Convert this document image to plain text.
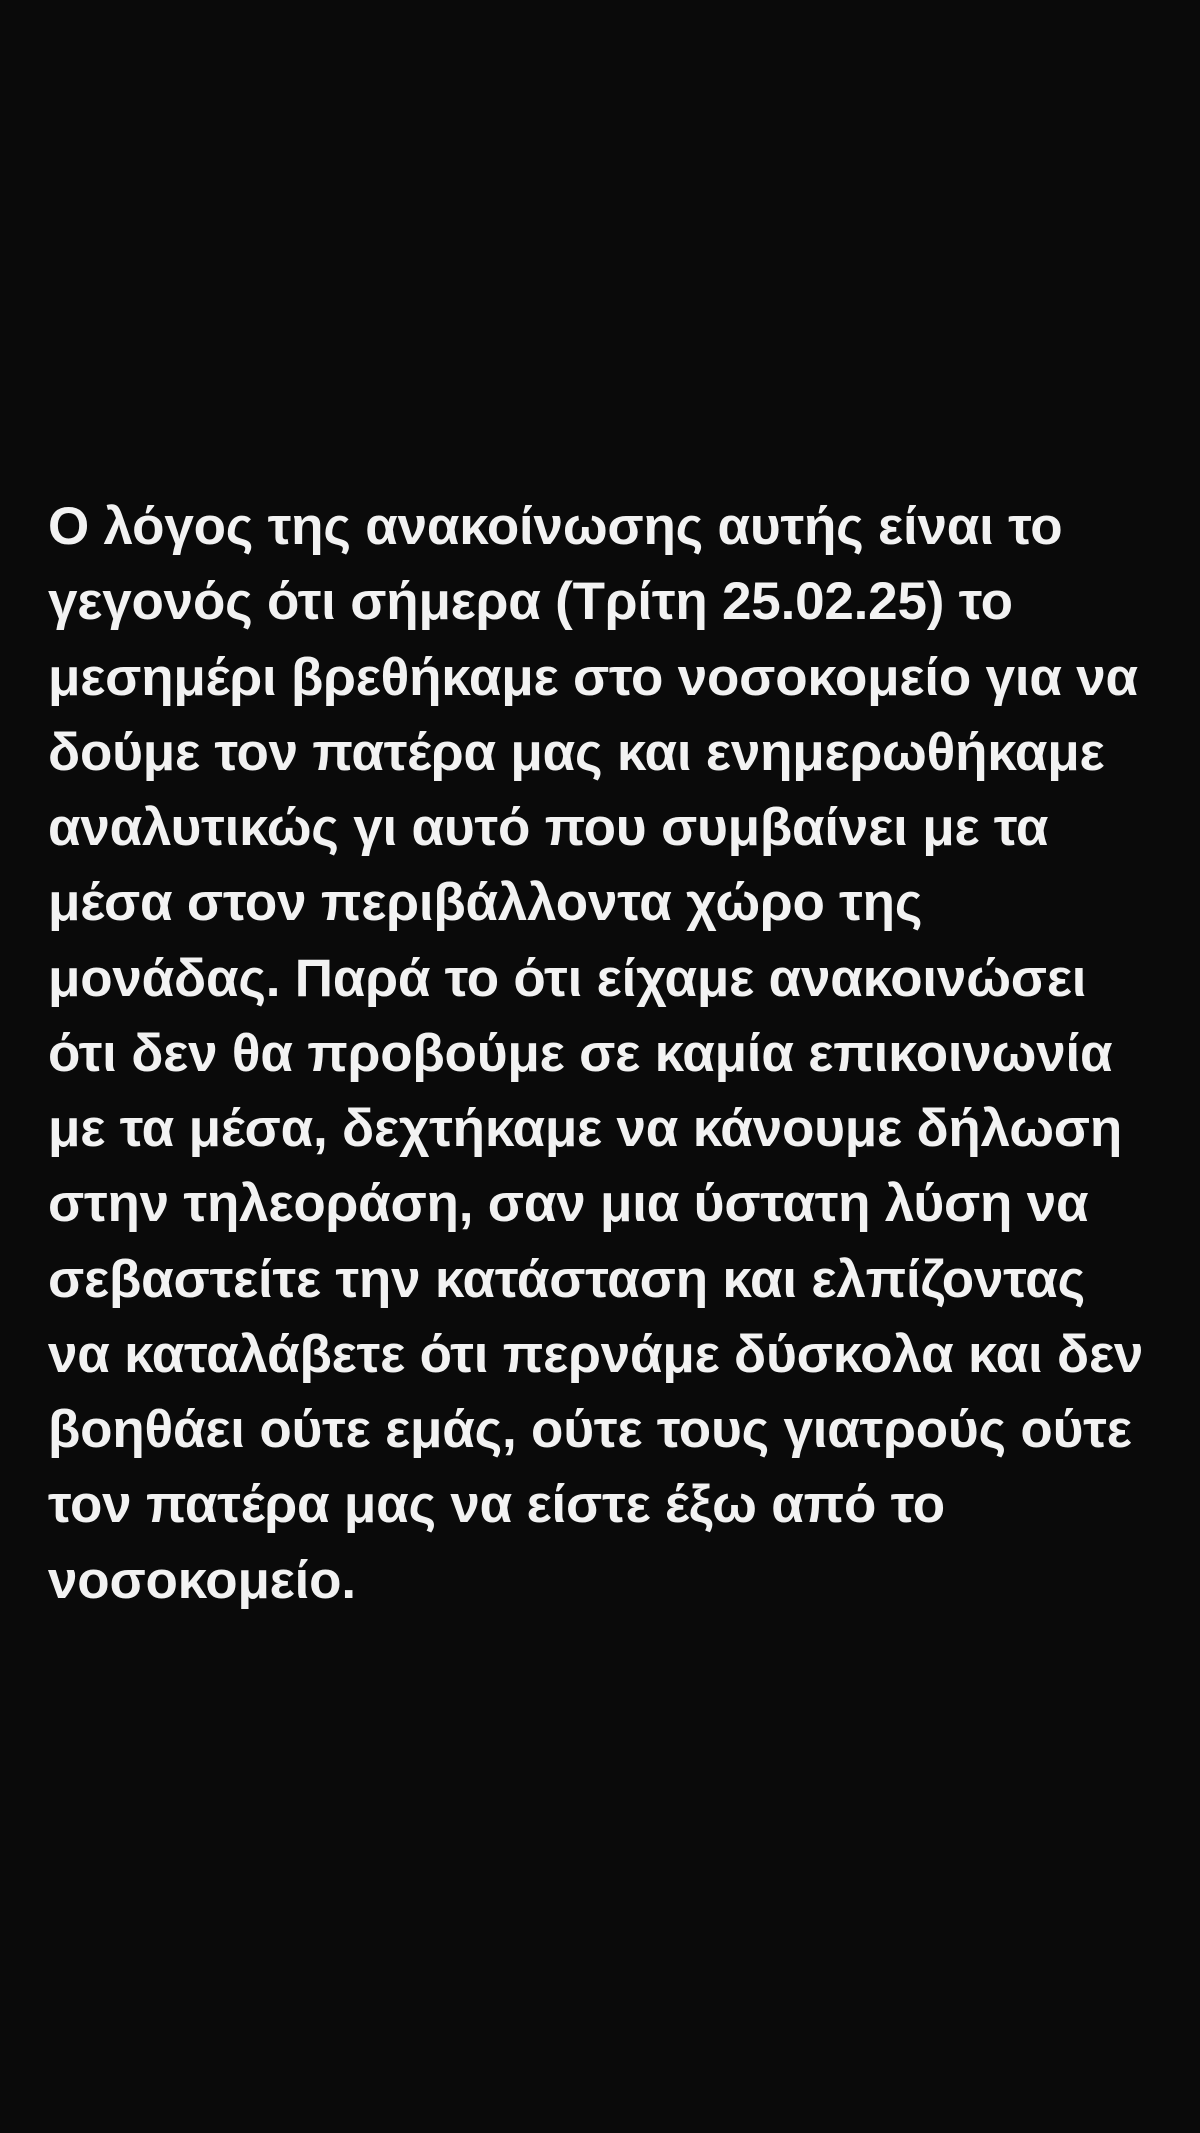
Ο λόγος της ανακοίνωσης αυτής είναι το γεγονός ότι σήμερα (Τρίτη 25.02.25) το μεσημέρι βρεθήκαμε στο νοσοκομείο για να δούμε τον πατέρα μας και ενημερωθήκαμε αναλυτικώς γι αυτό που συμβαίνει με τα μέσα στον περιβάλλοντα χώρο της μονάδας. Παρά το ότι είχαμε ανακοινώσει ότι δεν θα προβούμε σε καμία επικοινωνία με τα μέσα, δεχτήκαμε να κάνουμε δήλωση στην τηλεοράση, σαν μια ύστατη λύση να σεβαστείτε την κατάσταση και ελπίζοντας να καταλάβετε ότι περνάμε δύσκολα και δεν βοηθάει ούτε εμάς, ούτε τους γιατρούς ούτε τον πατέρα μας να είστε έξω από το νοσοκομείο.
